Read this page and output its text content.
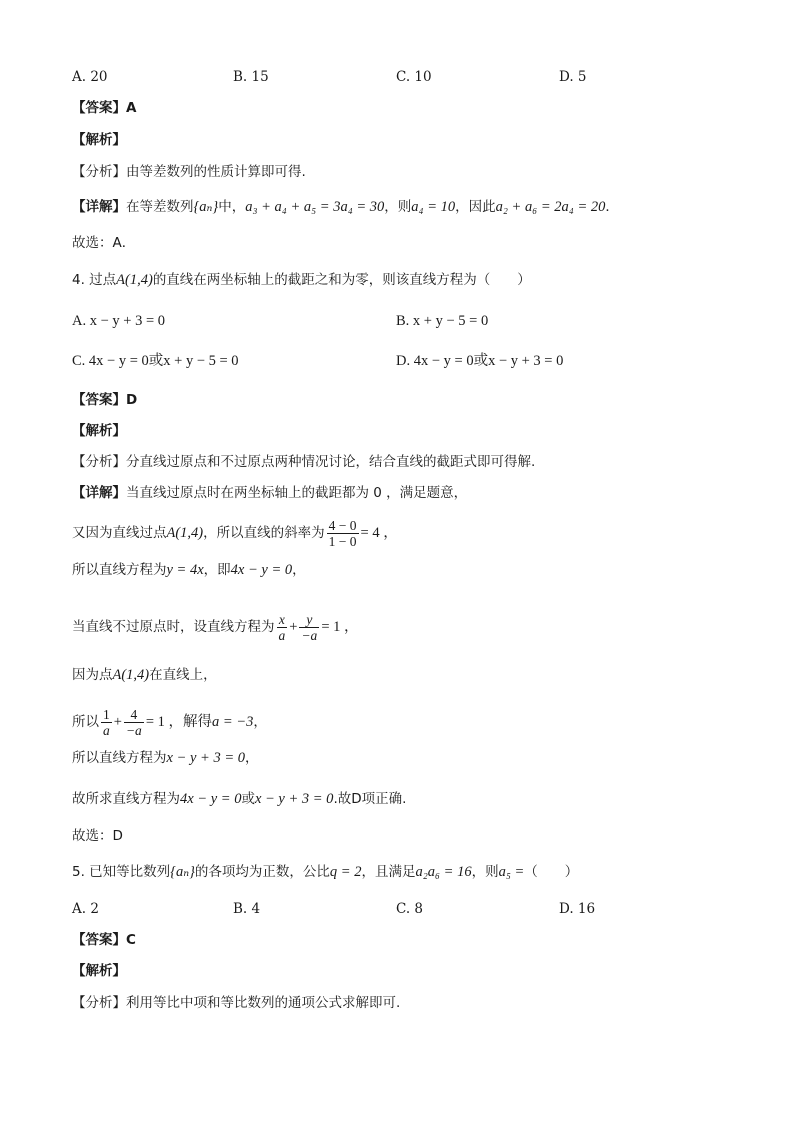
A. 20	B. 15	C. 10	D. 5
【答案】A
【解析】
【分析】由等差数列的性质计算即可得.
【详解】在等差数列{aₙ}中，a₃ + a₄ + a₅ = 3a₄ = 30，则a₄ = 10，因此a₂ + a₆ = 2a₄ = 20．
故选：A．
4. 过点A(1,4)的直线在两坐标轴上的截距之和为零，则该直线方程为（　　）
A. x − y + 3 = 0	B. x + y − 5 = 0
C. 4x − y = 0或x + y − 5 = 0	D. 4x − y = 0或x − y + 3 = 0
【答案】D
【解析】
【分析】分直线过原点和不过原点两种情况讨论，结合直线的截距式即可得解.
【详解】当直线过原点时在两坐标轴上的截距都为 0 ，满足题意，
又因为直线过点A(1,4)，所以直线的斜率为 $\frac{4 - 0}{1 - 0} = 4$ ，
所以直线方程为y = 4x，即4x − y = 0，
当直线不过原点时，设直线方程为 $\frac{x}{a} + \frac{y}{-a} = 1$ ，
因为点A(1,4)在直线上，
所以 $\frac{1}{a} + \frac{4}{-a} = 1$ ，解得a = −3，
所以直线方程为x − y + 3 = 0，
故所求直线方程为4x − y = 0或x − y + 3 = 0.故D项正确.
故选：D
5. 已知等比数列{aₙ}的各项均为正数，公比q = 2，且满足a₂a₆ = 16，则a₅ =（　　）
A. 2	B. 4	C. 8	D. 16
【答案】C
【解析】
【分析】利用等比中项和等比数列的通项公式求解即可.
